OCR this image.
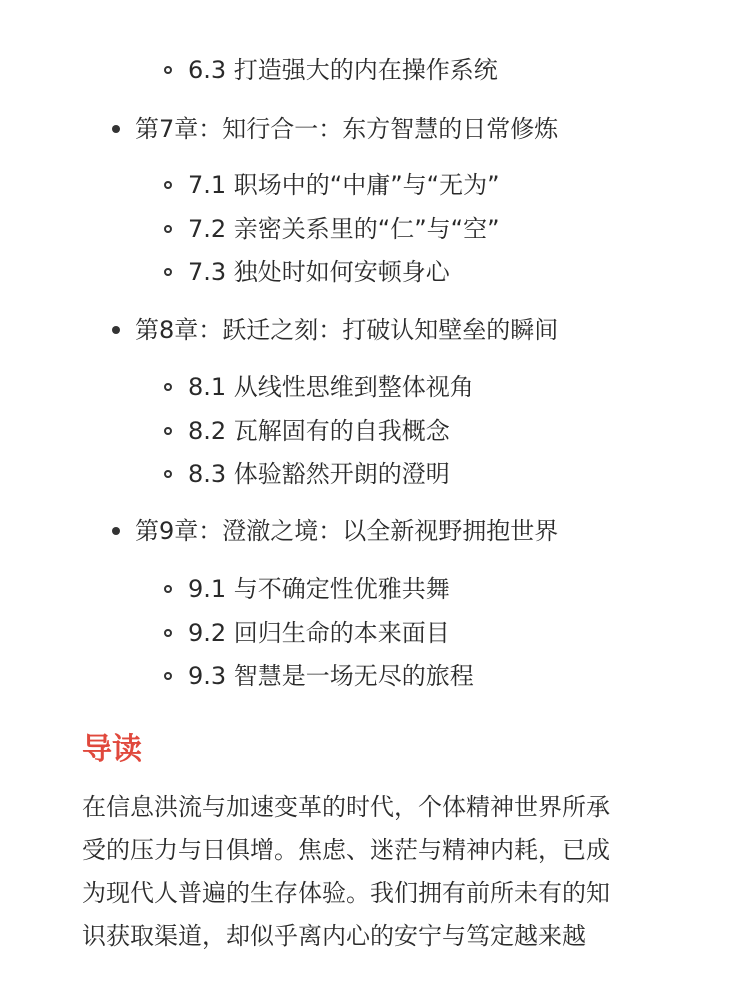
6.3 打造强大的内在操作系统
第7章：知行合一：东方智慧的日常修炼
7.1 职场中的“中庸”与“无为”
7.2 亲密关系里的“仁”与“空”
7.3 独处时如何安顿身心
第8章：跃迁之刻：打破认知壁垒的瞬间
8.1 从线性思维到整体视角
8.2 瓦解固有的自我概念
8.3 体验豁然开朗的澄明
第9章：澄澈之境：以全新视野拥抱世界
9.1 与不确定性优雅共舞
9.2 回归生命的本来面目
9.3 智慧是一场无尽的旅程
导读
在信息洪流与加速变革的时代，个体精神世界所承
受的压力与日俱增。焦虑、迷茫与精神内耗，已成
为现代人普遍的生存体验。我们拥有前所未有的知
识获取渠道，却似乎离内心的安宁与笃定越来越
